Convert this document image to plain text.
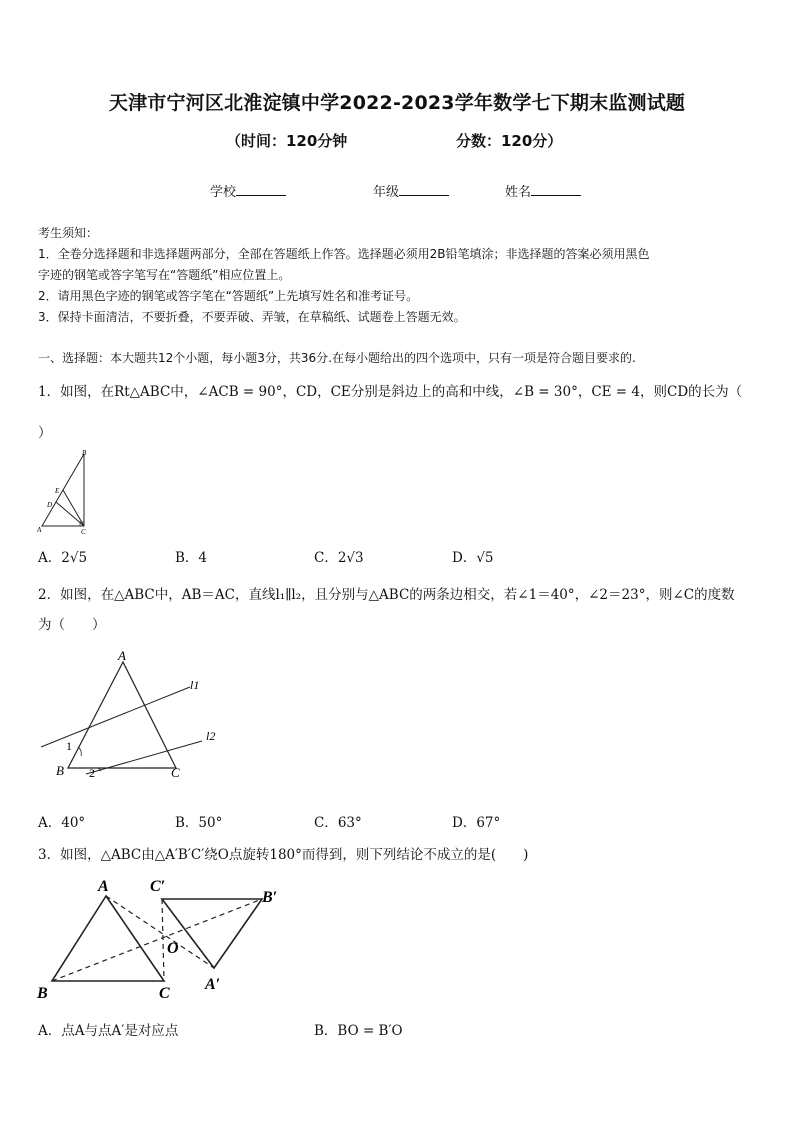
天津市宁河区北淮淀镇中学2022-2023学年数学七下期末监测试题
（时间：120分钟	分数：120分）
学校	年级	姓名
考生须知：
1．全卷分选择题和非选择题两部分，全部在答题纸上作答。选择题必须用2B铅笔填涂；非选择题的答案必须用黑色
字迹的钢笔或答字笔写在“答题纸”相应位置上。
2．请用黑色字迹的钢笔或答字笔在“答题纸”上先填写姓名和准考证号。
3．保持卡面清洁，不要折叠，不要弄破、弄皱，在草稿纸、试题卷上答题无效。
一、选择题：本大题共12个小题，每小题3分，共36分.在每小题给出的四个选项中，只有一项是符合题目要求的.
1．如图，在Rt△ABC中，∠ACB = 90°，CD，CE分别是斜边上的高和中线，∠B = 30°，CE = 4，则CD的长为（
）
B
E
D
A	C
A．2√5	B．4	C．2√3	D．√5
2．如图，在△ABC中，AB＝AC，直线l₁∥l₂，且分别与△ABC的两条边相交，若∠1＝40°，∠2＝23°，则∠C的度数
为（　　）
A
l1
l2
1
2
B	C
A．40°	B．50°	C．63°	D．67°
3．如图，△ABC由△A′B′C′绕O点旋转180°而得到，则下列结论不成立的是(　　)
A	C′
B′
O
A′
B	C
A．点A与点A′是对应点	B．BO = B′O
